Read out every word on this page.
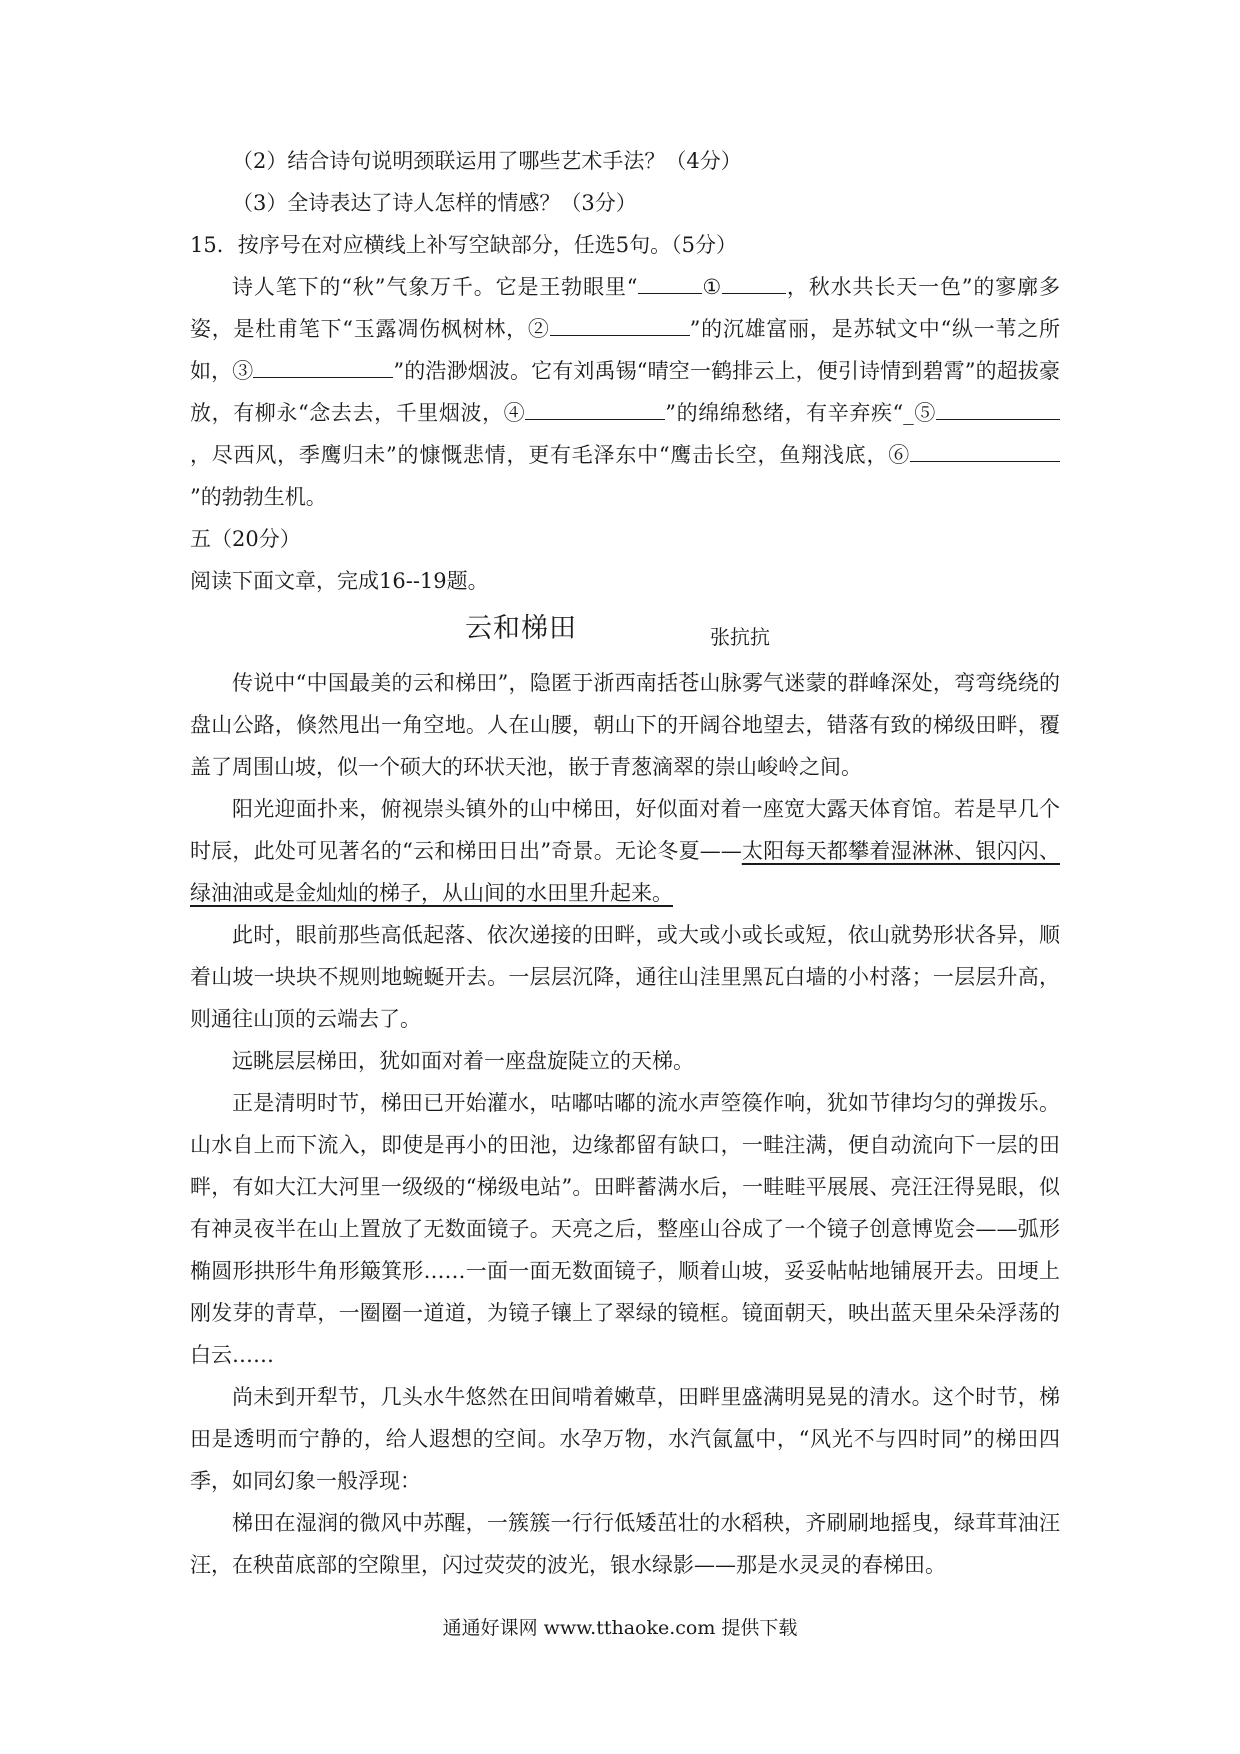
（2）结合诗句说明颈联运用了哪些艺术手法？（4分）

（3）全诗表达了诗人怎样的情感？（3分）

15．按序号在对应横线上补写空缺部分，任选5句。（5分）

诗人笔下的“秋”气象万千。它是王勃眼里“	①	，秋水共长天一色”的寥廓多姿，是杜甫笔下“玉露凋伤枫树林，②	”的沉雄富丽，是苏轼文中“纵一苇之所如，③	”的浩渺烟波。它有刘禹锡“晴空一鹤排云上，便引诗情到碧霄”的超拔豪放，有柳永“念去去，千里烟波，④	”的绵绵愁绪，有辛弃疾“_⑤，尽西风，季鹰归未”的慷慨悲情，更有毛泽东中“鹰击长空，鱼翔浅底，⑥”的勃勃生机。

五（20分）

阅读下面文章，完成16--19题。

云和梯田	张抗抗

传说中“中国最美的云和梯田”，隐匿于浙西南括苍山脉雾气迷蒙的群峰深处，弯弯绕绕的盘山公路，倏然甩出一角空地。人在山腰，朝山下的开阔谷地望去，错落有致的梯级田畔，覆盖了周围山坡，似一个硕大的环状天池，嵌于青葱滴翠的崇山峻岭之间。

阳光迎面扑来，俯视崇头镇外的山中梯田，好似面对着一座宽大露天体育馆。若是早几个时辰，此处可见著名的“云和梯田日出”奇景。无论冬夏——太阳每天都攀着湿淋淋、银闪闪、绿油油或是金灿灿的梯子，从山间的水田里升起来。

此时，眼前那些高低起落、依次递接的田畔，或大或小或长或短，依山就势形状各异，顺着山坡一块块不规则地蜿蜒开去。一层层沉降，通往山洼里黑瓦白墙的小村落；一层层升高，则通往山顶的云端去了。

远眺层层梯田，犹如面对着一座盘旋陡立的天梯。

正是清明时节，梯田已开始灌水，咕嘟咕嘟的流水声箜篌作响，犹如节律均匀的弹拨乐。山水自上而下流入，即使是再小的田池，边缘都留有缺口，一畦注满，便自动流向下一层的田畔，有如大江大河里一级级的“梯级电站”。田畔蓄满水后，一畦畦平展展、亮汪汪得晃眼，似有神灵夜半在山上置放了无数面镜子。天亮之后，整座山谷成了一个镜子创意博览会——弧形椭圆形拱形牛角形簸箕形……一面一面无数面镜子，顺着山坡，妥妥帖帖地铺展开去。田埂上刚发芽的青草，一圈圈一道道，为镜子镶上了翠绿的镜框。镜面朝天，映出蓝天里朵朵浮荡的白云……

尚未到开犁节，几头水牛悠然在田间啃着嫩草，田畔里盛满明晃晃的清水。这个时节，梯田是透明而宁静的，给人遐想的空间。水孕万物，水汽氤氲中，“风光不与四时同”的梯田四季，如同幻象一般浮现：

梯田在湿润的微风中苏醒，一簇簇一行行低矮茁壮的水稻秧，齐刷刷地摇曳，绿茸茸油汪汪，在秧苗底部的空隙里，闪过荧荧的波光，银水绿影——那是水灵灵的春梯田。

通通好课网 www.tthaoke.com 提供下载
